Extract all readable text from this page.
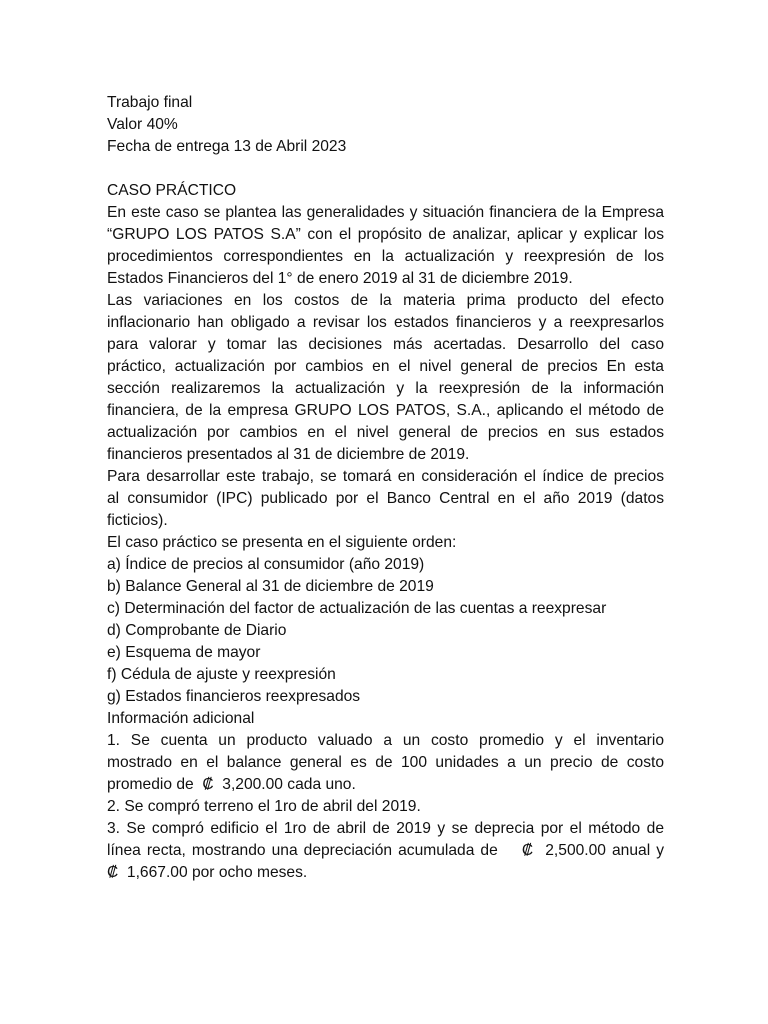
Trabajo final
Valor 40%
Fecha de entrega 13 de Abril 2023
CASO PRÁCTICO
En este caso se plantea las generalidades y situación financiera de la Empresa
“GRUPO LOS PATOS S.A” con el propósito de analizar, aplicar y explicar los
procedimientos correspondientes en la actualización y reexpresión de los
Estados Financieros del 1° de enero 2019 al 31 de diciembre 2019.
Las variaciones en los costos de la materia prima producto del efecto
inflacionario han obligado a revisar los estados financieros y a reexpresarlos
para valorar y tomar las decisiones más acertadas. Desarrollo del caso
práctico, actualización por cambios en el nivel general de precios En esta
sección realizaremos la actualización y la reexpresión de la información
financiera, de la empresa GRUPO LOS PATOS, S.A., aplicando el método de
actualización por cambios en el nivel general de precios en sus estados
financieros presentados al 31 de diciembre de 2019.
Para desarrollar este trabajo, se tomará en consideración el índice de precios
al consumidor (IPC) publicado por el Banco Central en el año 2019 (datos
ficticios).
El caso práctico se presenta en el siguiente orden:
a) Índice de precios al consumidor (año 2019)
b) Balance General al 31 de diciembre de 2019
c) Determinación del factor de actualización de las cuentas a reexpresar
d) Comprobante de Diario
e) Esquema de mayor
f) Cédula de ajuste y reexpresión
g) Estados financieros reexpresados
Información adicional
1. Se cuenta un producto valuado a un costo promedio y el inventario
mostrado en el balance general es de 100 unidades a un precio de costo
promedio de  ₡  3,200.00 cada uno.
2. Se compró terreno el 1ro de abril del 2019.
3. Se compró edificio el 1ro de abril de 2019 y se deprecia por el método de
línea recta, mostrando una depreciación acumulada de    ₡  2,500.00 anual y
₡  1,667.00 por ocho meses.
